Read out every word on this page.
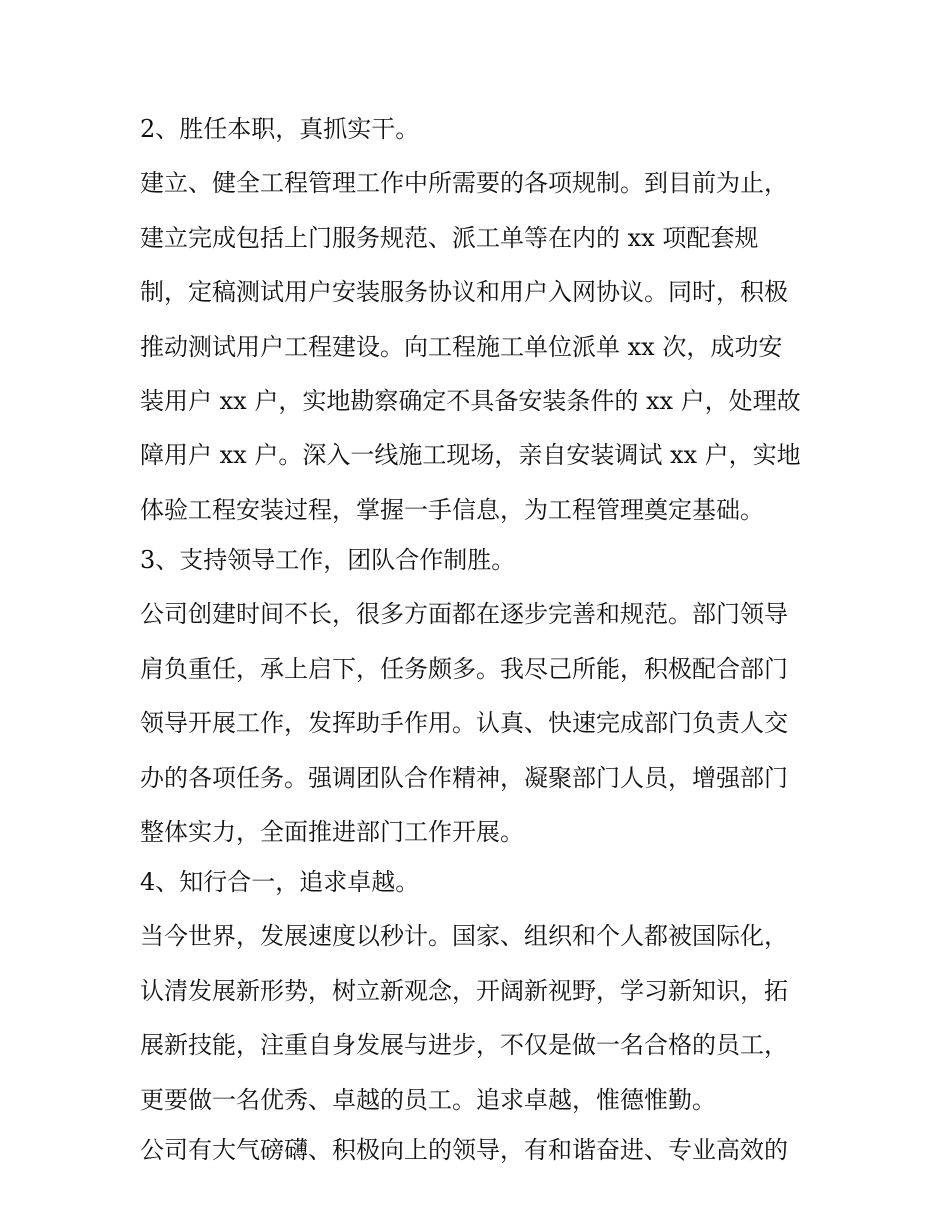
2、胜任本职，真抓实干。
建立、健全工程管理工作中所需要的各项规制。到目前为止，
建立完成包括上门服务规范、派工单等在内的 xx 项配套规
制，定稿测试用户安装服务协议和用户入网协议。同时，积极
推动测试用户工程建设。向工程施工单位派单 xx 次，成功安
装用户 xx 户，实地勘察确定不具备安装条件的 xx 户，处理故
障用户 xx 户。深入一线施工现场，亲自安装调试 xx 户，实地
体验工程安装过程，掌握一手信息，为工程管理奠定基础。
3、支持领导工作，团队合作制胜。
公司创建时间不长，很多方面都在逐步完善和规范。部门领导
肩负重任，承上启下，任务颇多。我尽己所能，积极配合部门
领导开展工作，发挥助手作用。认真、快速完成部门负责人交
办的各项任务。强调团队合作精神，凝聚部门人员，增强部门
整体实力，全面推进部门工作开展。
4、知行合一，追求卓越。
当今世界，发展速度以秒计。国家、组织和个人都被国际化，
认清发展新形势，树立新观念，开阔新视野，学习新知识，拓
展新技能，注重自身发展与进步，不仅是做一名合格的员工，
更要做一名优秀、卓越的员工。追求卓越，惟德惟勤。
公司有大气磅礴、积极向上的领导，有和谐奋进、专业高效的
